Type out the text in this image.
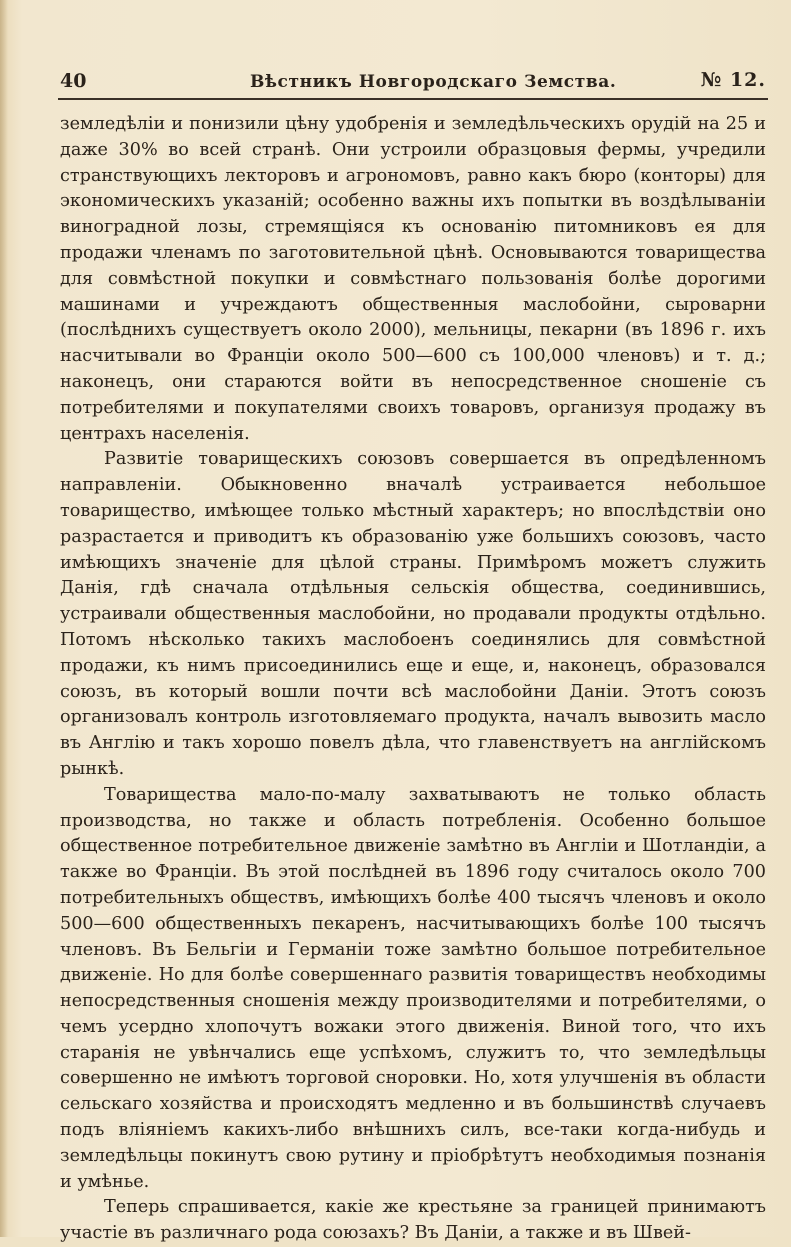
40	Вѣстникъ Новгородскаго Земства.	№ 12.

земледѣліи и понизили цѣну удобренія и земледѣльческихъ орудій на 25 и даже 30% во всей странѣ. Они устроили образцовыя фермы, учредили странствующихъ лекторовъ и агрономовъ, равно какъ бюро (конторы) для экономическихъ указаній; особенно важны ихъ попытки въ воздѣлываніи виноградной лозы, стремящіяся къ основанію питомниковъ ея для продажи членамъ по заготовительной цѣнѣ. Основываются товарищества для совмѣстной покупки и совмѣстнаго пользованія болѣе дорогими машинами и учреждаютъ общественныя маслобойни, сыроварни (послѣднихъ существуетъ около 2000), мельницы, пекарни (въ 1896 г. ихъ насчитывали во Франціи около 500—600 съ 100,000 членовъ) и т. д.; наконецъ, они стараются войти въ непосредственное сношеніе съ потребителями и покупателями своихъ товаровъ, организуя продажу въ центрахъ населенія.

Развитіе товарищескихъ союзовъ совершается въ опредѣленномъ направленіи. Обыкновенно вначалѣ устраивается небольшое товарищество, имѣющее только мѣстный характеръ; но впослѣдствіи оно разрастается и приводитъ къ образованію уже большихъ союзовъ, часто имѣющихъ значеніе для цѣлой страны. Примѣромъ можетъ служить Данія, гдѣ сначала отдѣльныя сельскія общества, соединившись, устраивали общественныя маслобойни, но продавали продукты отдѣльно. Потомъ нѣсколько такихъ маслобоенъ соединялись для совмѣстной продажи, къ нимъ присоединились еще и еще, и, наконецъ, образовался союзъ, въ который вошли почти всѣ маслобойни Даніи. Этотъ союзъ организовалъ контроль изготовляемаго продукта, началъ вывозить масло въ Англію и такъ хорошо повелъ дѣла, что главенствуетъ на англійскомъ рынкѣ.

Товарищества мало-по-малу захватываютъ не только область производства, но также и область потребленія. Особенно большое общественное потребительное движеніе замѣтно въ Англіи и Шотландіи, а также во Франціи. Въ этой послѣдней въ 1896 году считалось около 700 потребительныхъ обществъ, имѣющихъ болѣе 400 тысячъ членовъ и около 500—600 общественныхъ пекаренъ, насчитывающихъ болѣе 100 тысячъ членовъ. Въ Бельгіи и Германіи тоже замѣтно большое потребительное движеніе. Но для болѣе совершеннаго развитія товариществъ необходимы непосредственныя сношенія между производителями и потребителями, о чемъ усердно хлопочутъ вожаки этого движенія. Виной того, что ихъ старанія не увѣнчались еще успѣхомъ, служитъ то, что земледѣльцы совершенно не имѣютъ торговой сноровки. Но, хотя улучшенія въ области сельскаго хозяйства и происходятъ медленно и въ большинствѣ случаевъ подъ вліяніемъ какихъ-либо внѣшнихъ силъ, все-таки когда-нибудь и земледѣльцы покинутъ свою рутину и пріобрѣтутъ необходимыя познанія и умѣнье.

Теперь спрашивается, какіе же крестьяне за границей принимаютъ участіе въ различнаго рода союзахъ? Въ Даніи, а также и въ Швей-
